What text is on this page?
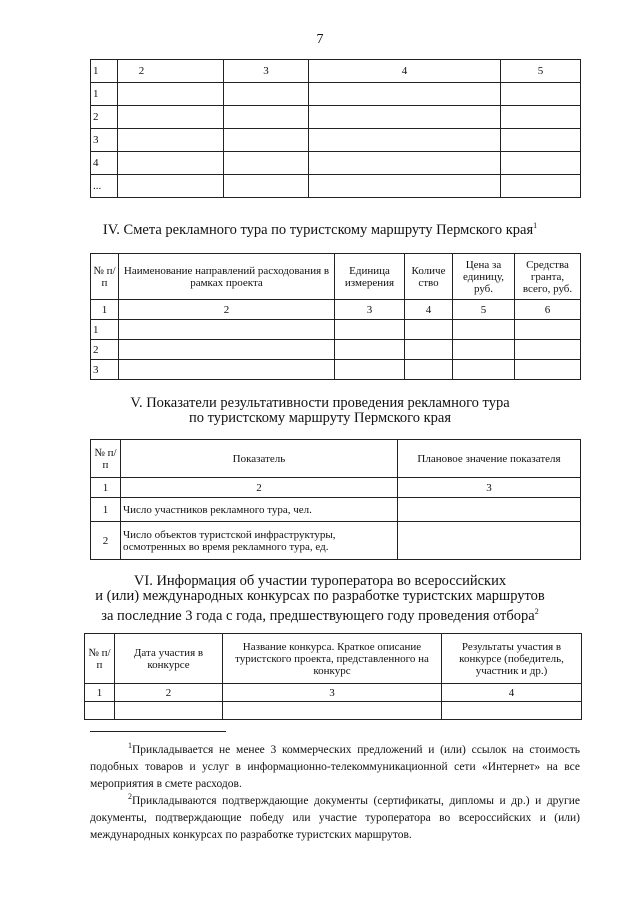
7
1	2	3	4	5
1				
2				
3				
4				
...				
IV. Смета рекламного тура по туристскому маршруту Пермского края$^1$
№ п/п	Наименование направлений расходования в рамках проекта	Единица измерения	Количе ство	Цена за единицу, руб.	Средства гранта, всего, руб.
1	2	3	4	5	6
1					
2					
3					
V. Показатели результативности проведения рекламного тура
по туристскому маршруту Пермского края
№ п/п	Показатель	Плановое значение показателя
1	2	3
1	Число участников рекламного тура, чел.	
2	Число объектов туристской инфраструктуры, осмотренных во время рекламного тура, ед.	
VI. Информация об участии туроператора во всероссийских
и (или) международных конкурсах по разработке туристских маршрутов
за последние 3 года с года, предшествующего году проведения отбора$^2$
№ п/п	Дата участия в конкурсе	Название конкурса. Краткое описание туристского проекта, представленного на конкурс	Результаты участия в конкурсе (победитель, участник и др.)
1	2	3	4

$^1$Прикладывается не менее 3 коммерческих предложений и (или) ссылок на стоимость подобных товаров и услуг в информационно-телекоммуникационной сети «Интернет» на все мероприятия в смете расходов.
$^2$Прикладываются подтверждающие документы (сертификаты, дипломы и др.) и другие документы, подтверждающие победу или участие туроператора во всероссийских и (или) международных конкурсах по разработке туристских маршрутов.
